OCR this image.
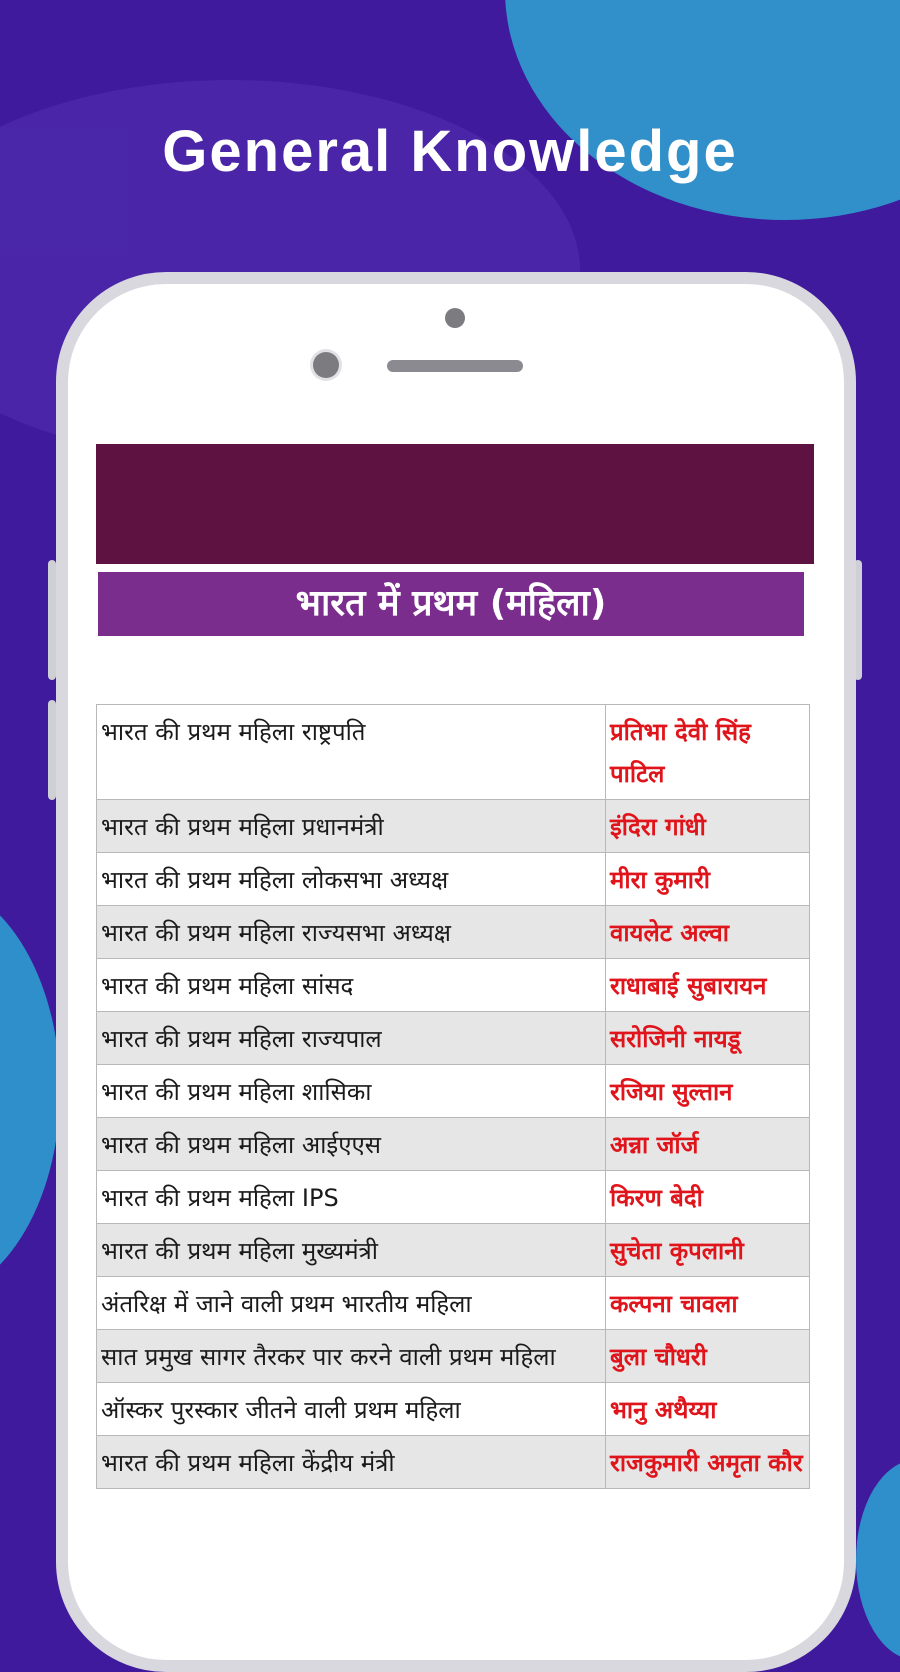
General Knowledge
भारत में प्रथम (महिला)
भारत की प्रथम महिला राष्ट्रपति	प्रतिभा देवी सिंह पाटिल
भारत की प्रथम महिला प्रधानमंत्री	इंदिरा गांधी
भारत की प्रथम महिला लोकसभा अध्यक्ष	मीरा कुमारी
भारत की प्रथम महिला राज्यसभा अध्यक्ष	वायलेट अल्वा
भारत की प्रथम महिला सांसद	राधाबाई सुबारायन
भारत की प्रथम महिला राज्यपाल	सरोजिनी नायडू
भारत की प्रथम महिला शासिका	रजिया सुल्तान
भारत की प्रथम महिला आईएएस	अन्ना जॉर्ज
भारत की प्रथम महिला IPS	किरण बेदी
भारत की प्रथम महिला मुख्यमंत्री	सुचेता कृपलानी
अंतरिक्ष में जाने वाली प्रथम भारतीय महिला	कल्पना चावला
सात प्रमुख सागर तैरकर पार करने वाली प्रथम महिला	बुला चौधरी
ऑस्कर पुरस्कार जीतने वाली प्रथम महिला	भानु अथैय्या
भारत की प्रथम महिला केंद्रीय मंत्री	राजकुमारी अमृता कौर
